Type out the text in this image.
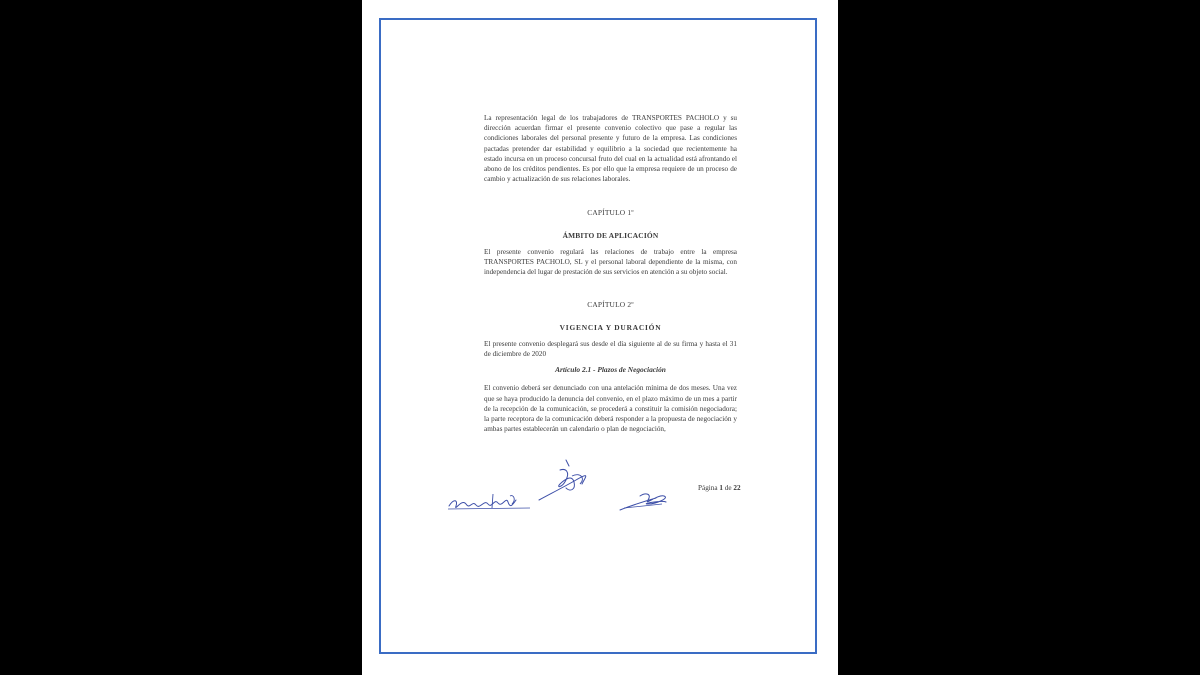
La representación legal de los trabajadores de TRANSPORTES PACHOLO y su dirección acuerdan firmar el presente convenio colectivo que pase a regular las condiciones laborales del personal presente y futuro de la empresa. Las condiciones pactadas pretender dar estabilidad y equilibrio a la sociedad que recientemente ha estado incursa en un proceso concursal fruto del cual en la actualidad está afrontando el abono de los créditos pendientes. Es por ello que la empresa requiere de un proceso de cambio y actualización de sus relaciones laborales.

CAPÍTULO 1º
ÁMBITO DE APLICACIÓN

El presente convenio regulará las relaciones de trabajo entre la empresa TRANSPORTES PACHOLO, SL y el personal laboral dependiente de la misma, con independencia del lugar de prestación de sus servicios en atención a su objeto social.

CAPÍTULO 2º
VIGENCIA Y DURACIÓN

El presente convenio desplegará sus desde el día siguiente al de su firma y hasta el 31 de diciembre de 2020

Artículo 2.1 - Plazos de Negociación

El convenio deberá ser denunciado con una antelación mínima de dos meses. Una vez que se haya producido la denuncia del convenio, en el plazo máximo de un mes a partir de la recepción de la comunicación, se procederá a constituir la comisión negociadora; la parte receptora de la comunicación deberá responder a la propuesta de negociación y ambas partes establecerán un calendario o plan de negociación,

Página 1 de 22
